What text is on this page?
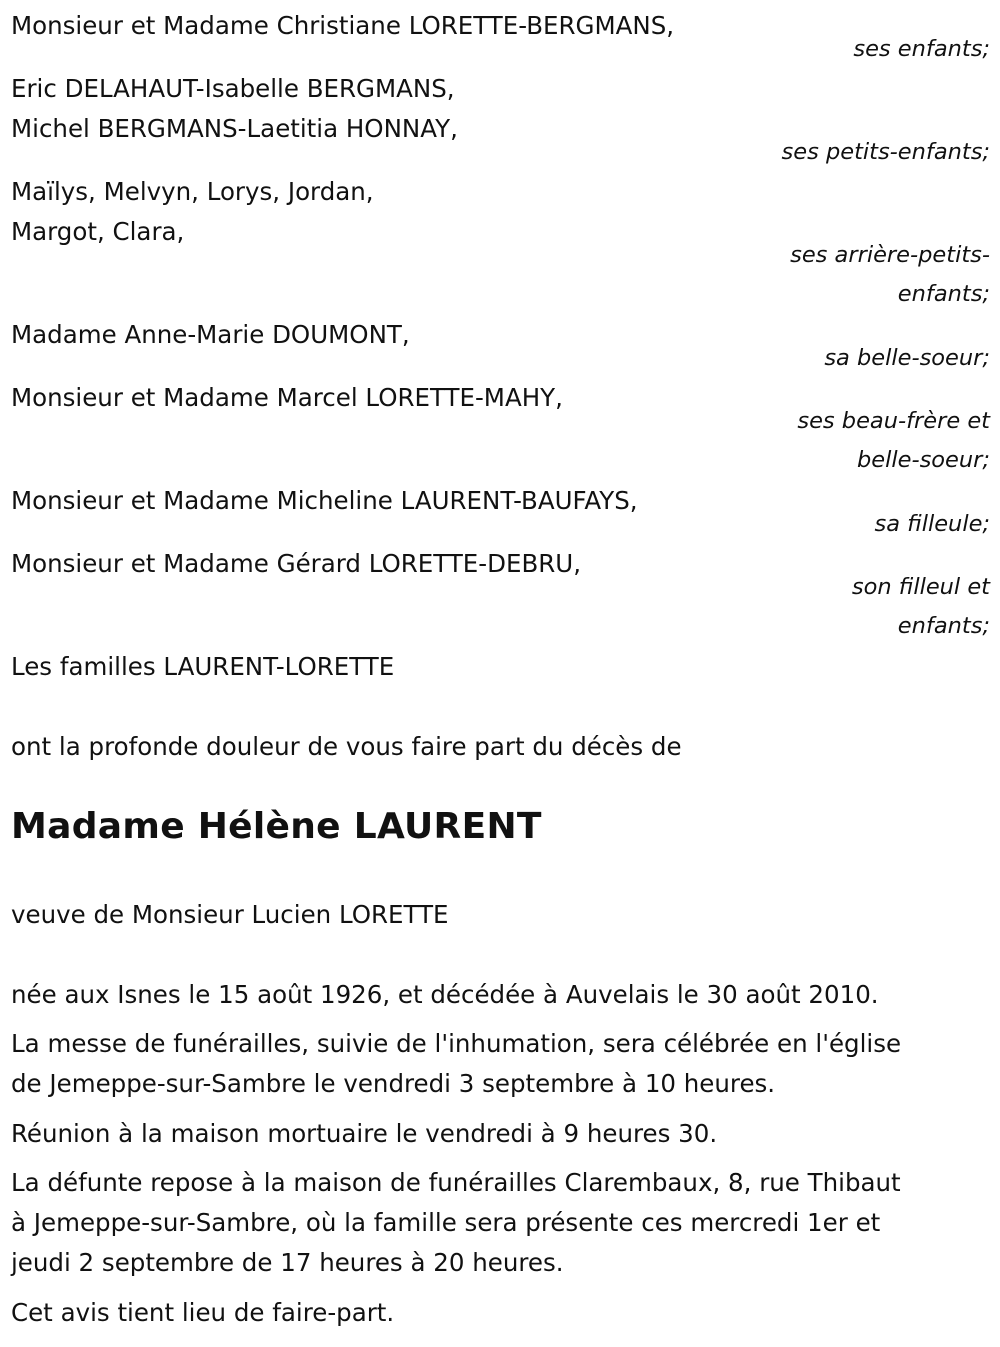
Monsieur et Madame Christiane LORETTE-BERGMANS,

ses enfants;

Eric DELAHAUT-Isabelle BERGMANS,

Michel BERGMANS-Laetitia HONNAY,

ses petits-enfants;

Maïlys, Melvyn, Lorys, Jordan,

Margot, Clara,

ses arrière-petits-

enfants;

Madame Anne-Marie DOUMONT,

sa belle-soeur;

Monsieur et Madame Marcel LORETTE-MAHY,

ses beau-frère et

belle-soeur;

Monsieur et Madame Micheline LAURENT-BAUFAYS,

sa filleule;

Monsieur et Madame Gérard LORETTE-DEBRU,

son filleul et

enfants;

Les familles LAURENT-LORETTE

ont la profonde douleur de vous faire part du décès de

Madame Hélène LAURENT

veuve de Monsieur Lucien LORETTE

née aux Isnes le 15 août 1926, et décédée à Auvelais le 30 août 2010.

La messe de funérailles, suivie de l'inhumation, sera célébrée en l'église

de Jemeppe-sur-Sambre le vendredi 3 septembre à 10 heures.

Réunion à la maison mortuaire le vendredi à 9 heures 30.

La défunte repose à la maison de funérailles Clarembaux, 8, rue Thibaut

à Jemeppe-sur-Sambre, où la famille sera présente ces mercredi 1er et

jeudi 2 septembre de 17 heures à 20 heures.

Cet avis tient lieu de faire-part.
